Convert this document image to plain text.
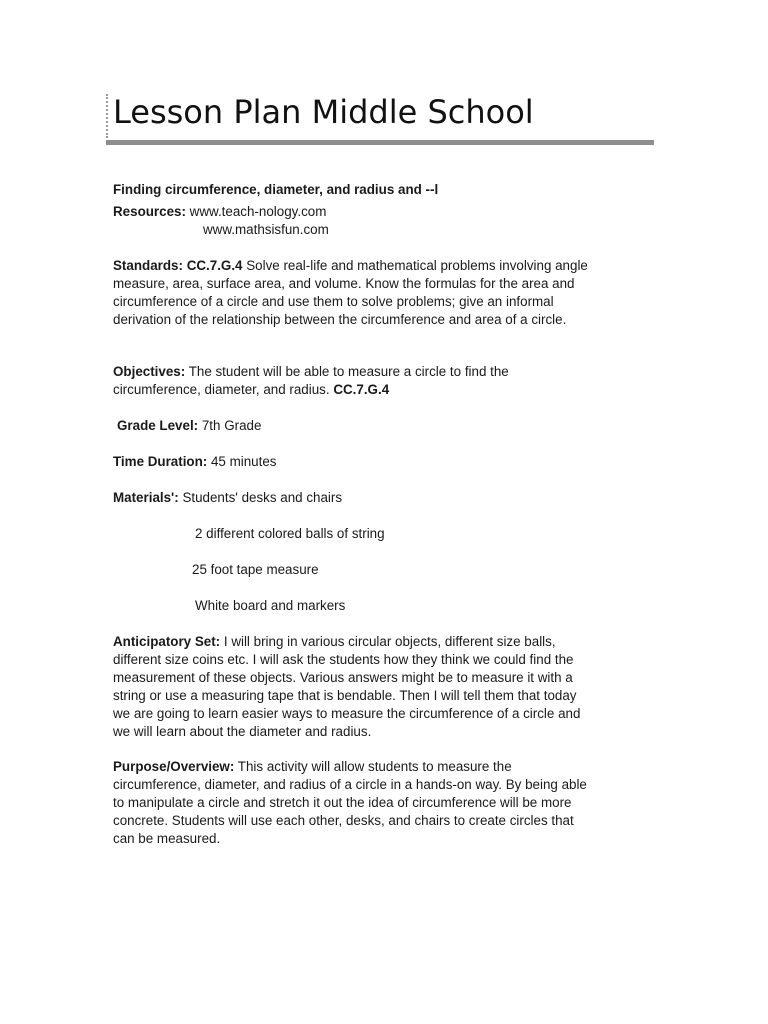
Lesson Plan Middle School
Finding circumference, diameter, and radius and --l
Resources: www.teach-nology.com
www.mathsisfun.com
Standards: CC.7.G.4 Solve real-life and mathematical problems involving angle
measure, area, surface area, and volume. Know the formulas for the area and
circumference of a circle and use them to solve problems; give an informal
derivation of the relationship between the circumference and area of a circle.
Objectives: The student will be able to measure a circle to find the
circumference, diameter, and radius. CC.7.G.4
Grade Level: 7th Grade
Time Duration: 45 minutes
Materials': Students' desks and chairs
2 different colored balls of string
25 foot tape measure
White board and markers
Anticipatory Set: I will bring in various circular objects, different size balls,
different size coins etc. I will ask the students how they think we could find the
measurement of these objects. Various answers might be to measure it with a
string or use a measuring tape that is bendable. Then I will tell them that today
we are going to learn easier ways to measure the circumference of a circle and
we will learn about the diameter and radius.
Purpose/Overview: This activity will allow students to measure the
circumference, diameter, and radius of a circle in a hands-on way. By being able
to manipulate a circle and stretch it out the idea of circumference will be more
concrete. Students will use each other, desks, and chairs to create circles that
can be measured.
